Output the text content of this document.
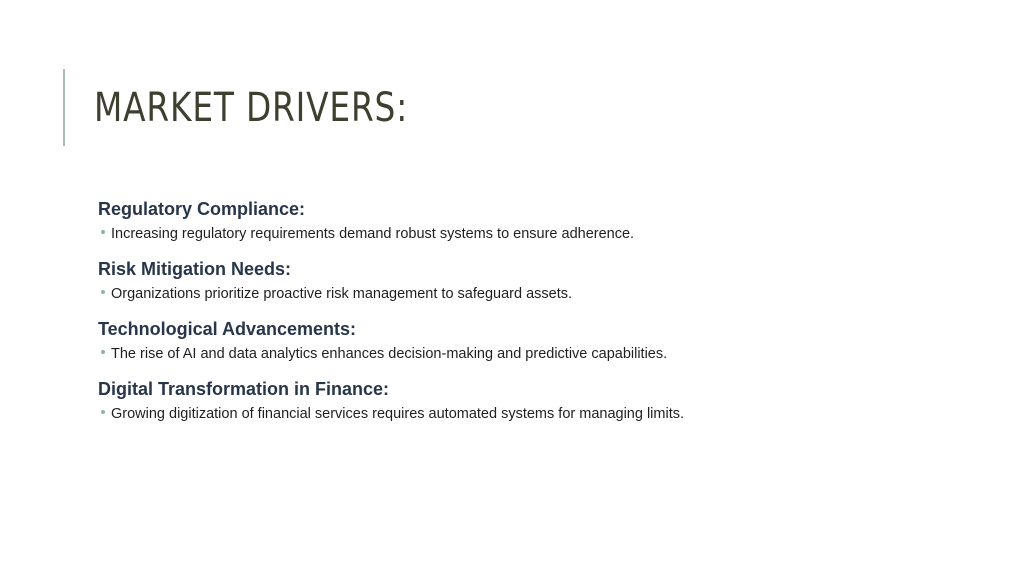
MARKET DRIVERS:

Regulatory Compliance:

Increasing regulatory requirements demand robust systems to ensure adherence.

Risk Mitigation Needs:

Organizations prioritize proactive risk management to safeguard assets.

Technological Advancements:

The rise of AI and data analytics enhances decision-making and predictive capabilities.

Digital Transformation in Finance:

Growing digitization of financial services requires automated systems for managing limits.
